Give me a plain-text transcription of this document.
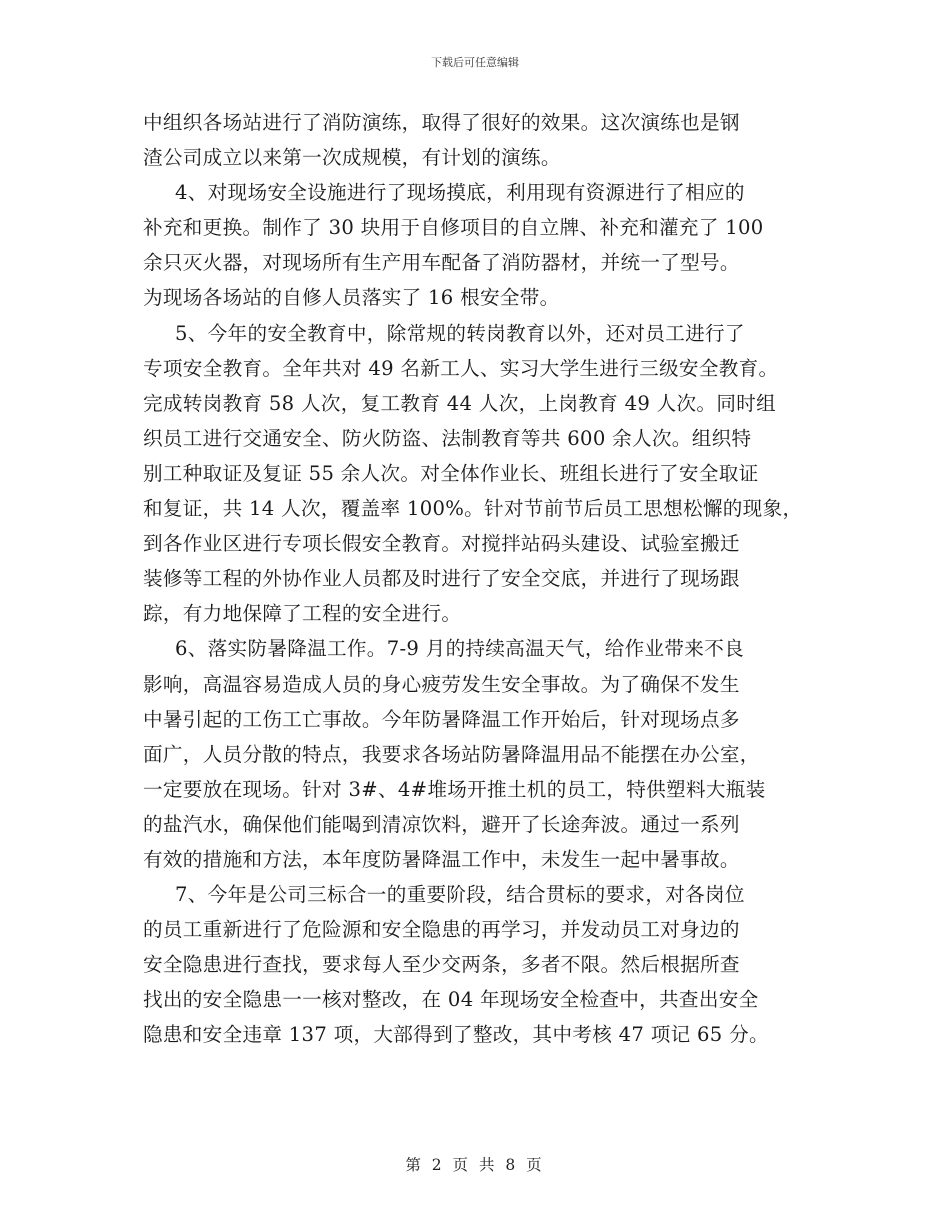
下载后可任意编辑
中组织各场站进行了消防演练，取得了很好的效果。这次演练也是钢
渣公司成立以来第一次成规模，有计划的演练。
4、对现场安全设施进行了现场摸底，利用现有资源进行了相应的
补充和更换。制作了 30 块用于自修项目的自立牌、补充和灌充了 100
余只灭火器，对现场所有生产用车配备了消防器材，并统一了型号。
为现场各场站的自修人员落实了 16 根安全带。
5、今年的安全教育中，除常规的转岗教育以外，还对员工进行了
专项安全教育。全年共对 49 名新工人、实习大学生进行三级安全教育。
完成转岗教育 58 人次，复工教育 44 人次，上岗教育 49 人次。同时组
织员工进行交通安全、防火防盗、法制教育等共 600 余人次。组织特
别工种取证及复证 55 余人次。对全体作业长、班组长进行了安全取证
和复证，共 14 人次，覆盖率 100%。针对节前节后员工思想松懈的现象，
到各作业区进行专项长假安全教育。对搅拌站码头建设、试验室搬迁
装修等工程的外协作业人员都及时进行了安全交底，并进行了现场跟
踪，有力地保障了工程的安全进行。
6、落实防暑降温工作。7-9 月的持续高温天气，给作业带来不良
影响，高温容易造成人员的身心疲劳发生安全事故。为了确保不发生
中暑引起的工伤工亡事故。今年防暑降温工作开始后，针对现场点多
面广，人员分散的特点，我要求各场站防暑降温用品不能摆在办公室，
一定要放在现场。针对 3#、4#堆场开推土机的员工，特供塑料大瓶装
的盐汽水，确保他们能喝到清凉饮料，避开了长途奔波。通过一系列
有效的措施和方法，本年度防暑降温工作中，未发生一起中暑事故。
7、今年是公司三标合一的重要阶段，结合贯标的要求，对各岗位
的员工重新进行了危险源和安全隐患的再学习，并发动员工对身边的
安全隐患进行查找，要求每人至少交两条，多者不限。然后根据所查
找出的安全隐患一一核对整改，在 04 年现场安全检查中，共查出安全
隐患和安全违章 137 项，大部得到了整改，其中考核 47 项记 65 分。
第 2 页 共 8 页
